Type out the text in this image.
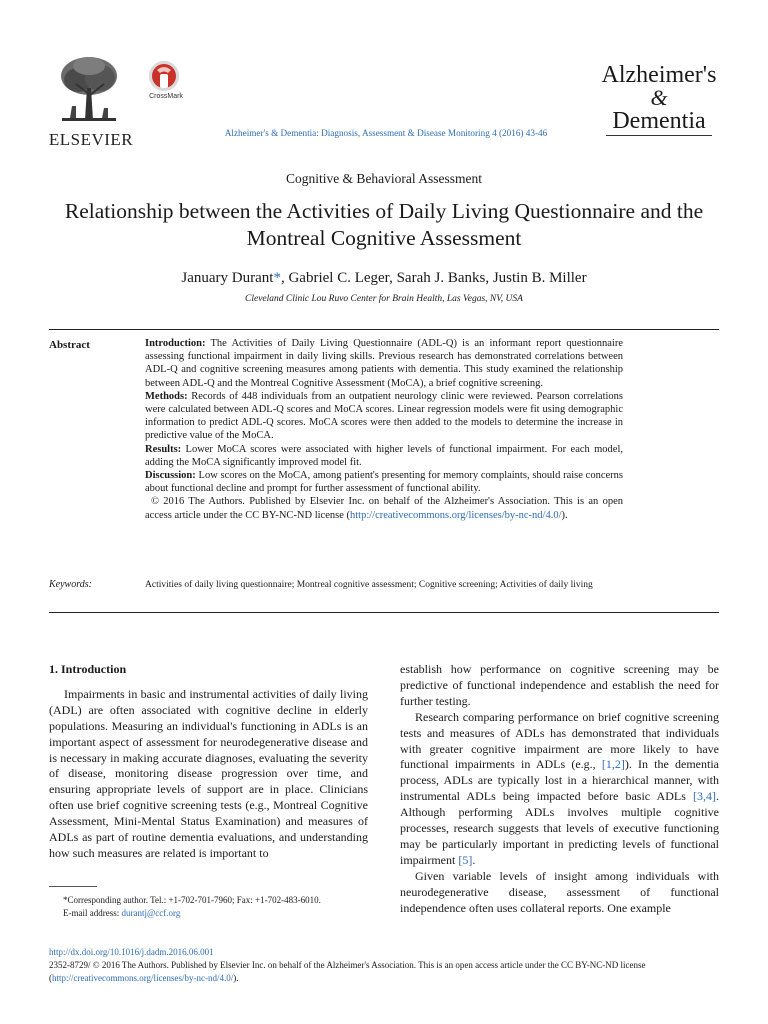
ELSEVIER
CrossMark
Alzheimer's & Dementia: Diagnosis, Assessment & Disease Monitoring 4 (2016) 43-46
Alzheimer's
&
Dementia
Cognitive & Behavioral Assessment
Relationship between the Activities of Daily Living Questionnaire and the Montreal Cognitive Assessment
January Durant*, Gabriel C. Leger, Sarah J. Banks, Justin B. Miller
Cleveland Clinic Lou Ruvo Center for Brain Health, Las Vegas, NV, USA
Abstract	Introduction: The Activities of Daily Living Questionnaire (ADL-Q) is an informant report questionnaire assessing functional impairment in daily living skills. Previous research has demonstrated correlations between ADL-Q and cognitive screening measures among patients with dementia. This study examined the relationship between ADL-Q and the Montreal Cognitive Assessment (MoCA), a brief cognitive screening.

Methods: Records of 448 individuals from an outpatient neurology clinic were reviewed. Pearson correlations were calculated between ADL-Q scores and MoCA scores. Linear regression models were fit using demographic information to predict ADL-Q scores. MoCA scores were then added to the models to determine the increase in predictive value of the MoCA.

Results: Lower MoCA scores were associated with higher levels of functional impairment. For each model, adding the MoCA significantly improved model fit.

Discussion: Low scores on the MoCA, among patient's presenting for memory complaints, should raise concerns about functional decline and prompt for further assessment of functional ability.

© 2016 The Authors. Published by Elsevier Inc. on behalf of the Alzheimer's Association. This is an open access article under the CC BY-NC-ND license (http://creativecommons.org/licenses/by-nc-nd/4.0/).

Keywords:	Activities of daily living questionnaire; Montreal cognitive assessment; Cognitive screening; Activities of daily living
1. Introduction

Impairments in basic and instrumental activities of daily living (ADL) are often associated with cognitive decline in elderly populations. Measuring an individual's functioning in ADLs is an important aspect of assessment for neurodegenerative disease and is necessary in making accurate diagnoses, evaluating the severity of disease, monitoring disease progression over time, and ensuring appropriate levels of support are in place. Clinicians often use brief cognitive screening tests (e.g., Montreal Cognitive Assessment, Mini-Mental Status Examination) and measures of ADLs as part of routine dementia evaluations, and understanding how such measures are related is important to

establish how performance on cognitive screening may be predictive of functional independence and establish the need for further testing.

Research comparing performance on brief cognitive screening tests and measures of ADLs has demonstrated that individuals with greater cognitive impairment are more likely to have functional impairments in ADLs (e.g., [1,2]). In the dementia process, ADLs are typically lost in a hierarchical manner, with instrumental ADLs being impacted before basic ADLs [3,4]. Although performing ADLs involves multiple cognitive processes, research suggests that levels of executive functioning may be particularly important in predicting levels of functional impairment [5].

Given variable levels of insight among individuals with neurodegenerative disease, assessment of functional independence often uses collateral reports. One example

*Corresponding author. Tel.: +1-702-701-7960; Fax: +1-702-483-6010.

E-mail address: durantj@ccf.org

http://dx.doi.org/10.1016/j.dadm.2016.06.001

2352-8729/ © 2016 The Authors. Published by Elsevier Inc. on behalf of the Alzheimer's Association. This is an open access article under the CC BY-NC-ND license (http://creativecommons.org/licenses/by-nc-nd/4.0/).
